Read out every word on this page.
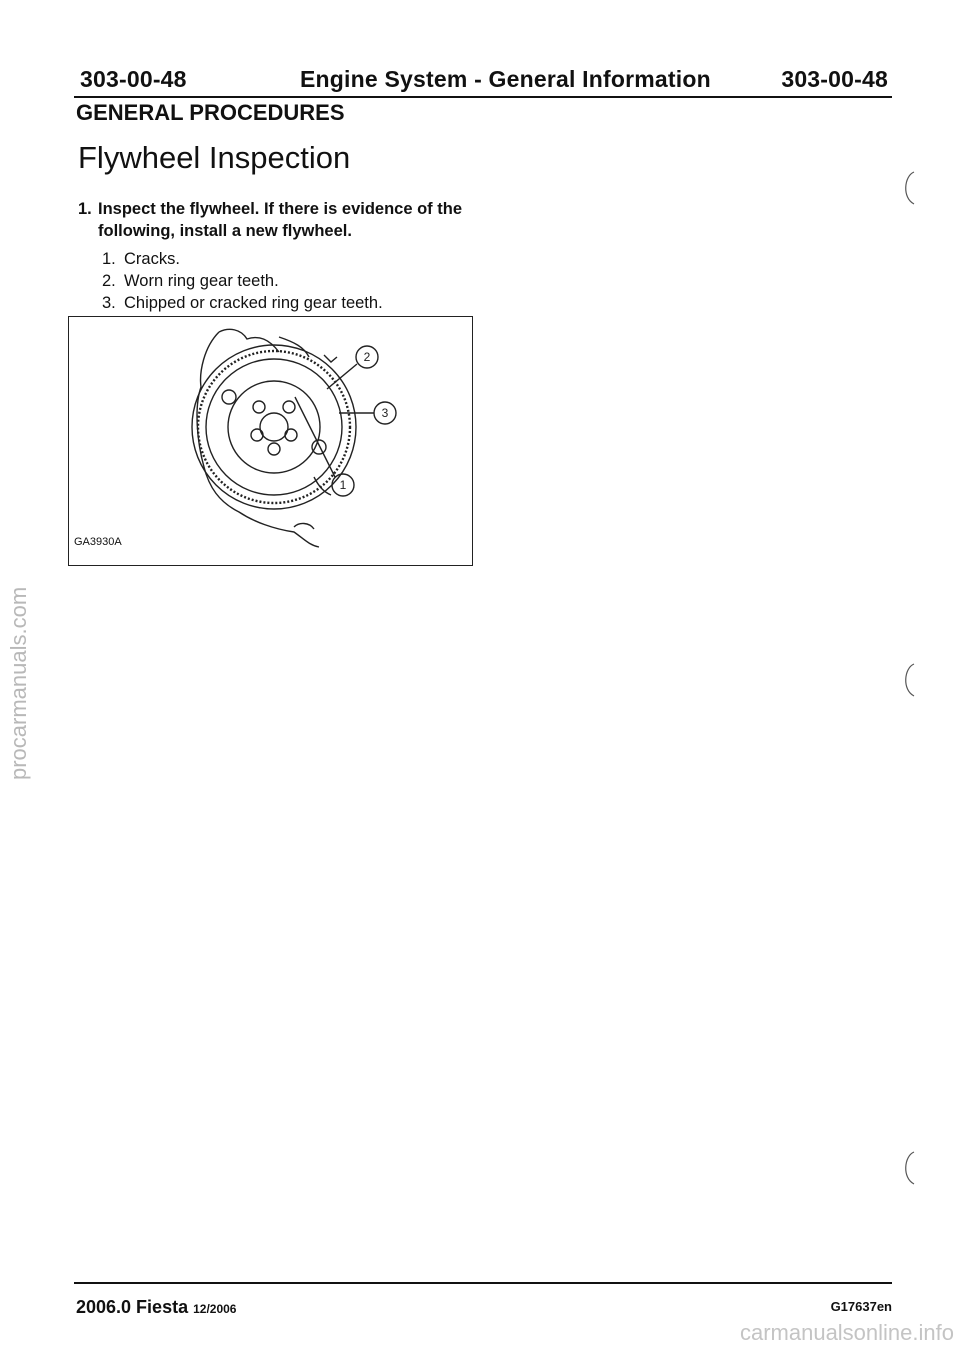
303-00-48	Engine System - General Information	303-00-48
GENERAL PROCEDURES
Flywheel Inspection
1. Inspect the flywheel. If there is evidence of the following, install a new flywheel.
1. Cracks.
2. Worn ring gear teeth.
3. Chipped or cracked ring gear teeth.
2
3
1
GA3930A
2006.0 Fiesta 12/2006	G17637en
procarmanuals.com
carmanualsonline.info
